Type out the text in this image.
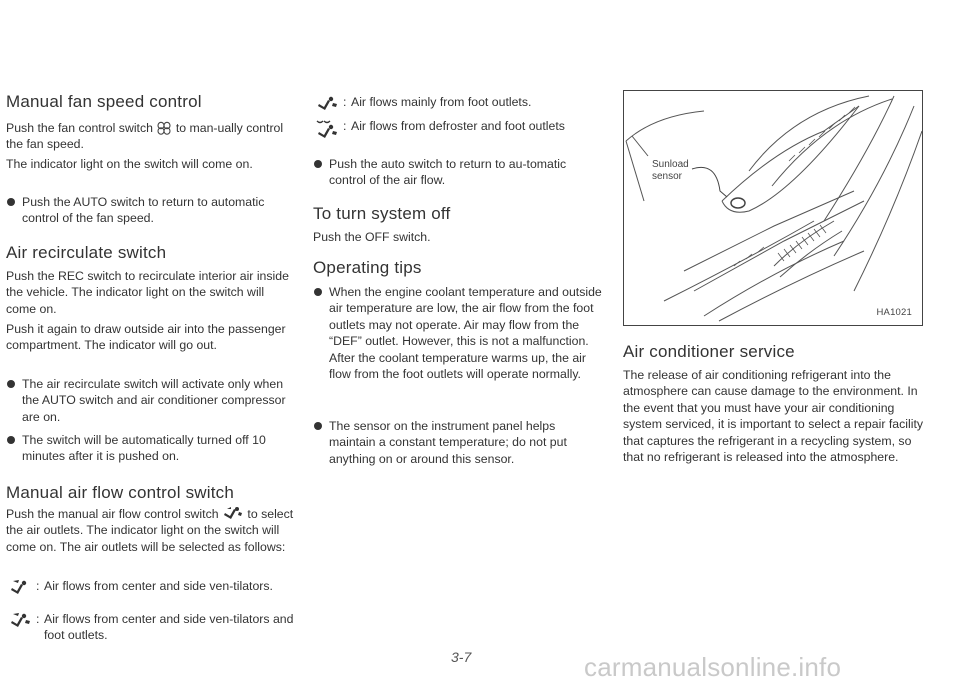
Manual fan speed control

Push the fan control switch to man-ually control the fan speed.

The indicator light on the switch will come on.

Push the AUTO switch to return to automatic control of the fan speed.

Air recirculate switch

Push the REC switch to recirculate interior air inside the vehicle. The indicator light on the switch will come on.

Push it again to draw outside air into the passenger compartment. The indicator will go out.

The air recirculate switch will activate only when the AUTO switch and air conditioner compressor are on.

The switch will be automatically turned off 10 minutes after it is pushed on.

Manual air flow control switch

Push the manual air flow control switch to select the air outlets. The indicator light on the switch will come on. The air outlets will be selected as follows:

: Air flows from center and side ven-tilators.

: Air flows from center and side ven-tilators and foot outlets.

: Air flows mainly from foot outlets.

: Air flows from defroster and foot outlets

Push the auto switch to return to au-tomatic control of the air flow.

To turn system off

Push the OFF switch.

Operating tips

When the engine coolant temperature and outside air temperature are low, the air flow from the foot outlets may not operate. Air may flow from the “DEF” outlet. However, this is not a malfunction. After the coolant temperature warms up, the air flow from the foot outlets will operate normally.

The sensor on the instrument panel helps maintain a constant temperature; do not put anything on or around this sensor.

Sunload
sensor
HA1021
Air conditioner service

The release of air conditioning refrigerant into the atmosphere can cause damage to the environment. In the event that you must have your air conditioning system serviced, it is important to select a repair facility that captures the refrigerant in a recycling system, so that no refrigerant is released into the atmosphere.

3-7	carmanualsonline.info
